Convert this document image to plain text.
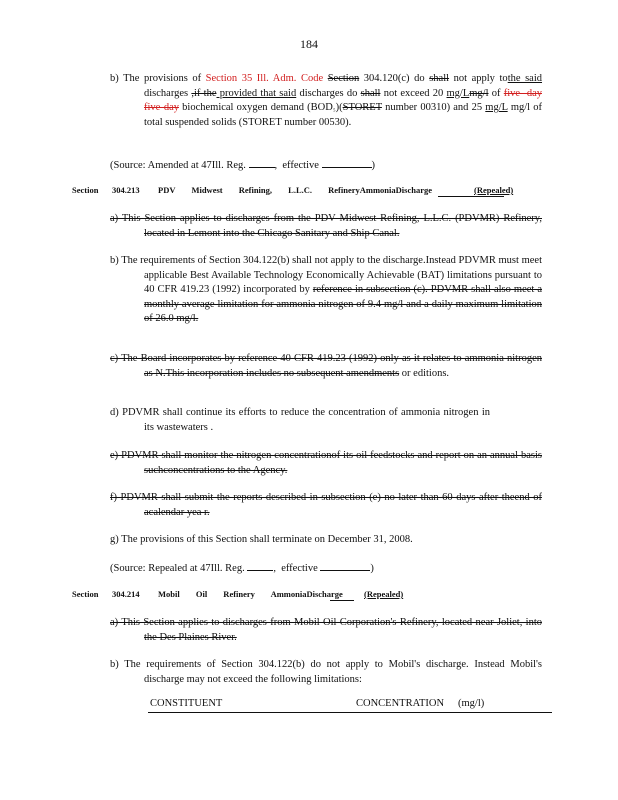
184
b) The provisions of Section 35 Ill. Adm. Code Section 304.120(c) do shall not apply tothe said discharges ,if the provided that said discharges do shall not exceed 20 mg/Lmg/l of five -day five-day biochemical oxygen demand (BOD₅)(STORET number 00310) and 25 mg/L mg/l of total suspended solids (STORET number 00530).
(Source: Amended at 47Ill. Reg.	, effective	)
Section 304.213 PDV Midwest Refining, L.L.C. RefineryAmmoniaDischarge	(Repealed)
a) This Section applies to discharges from the PDV Midwest Refining, L.L.C. (PDVMR) Refinery, located in Lemont into the Chicago Sanitary and Ship Canal.
b) The requirements of Section 304.122(b) shall not apply to the discharge.Instead PDVMR must meet applicable Best Available Technology Economically Achievable (BAT) limitations pursuant to 40 CFR 419.23 (1992) incorporated by reference in subsection (c). PDVMR shall also meet a monthly average limitation for ammonia nitrogen of 9.4 mg/l and a daily maximum limitation of 26.0 mg/l.
c) The Board incorporates by reference 40 CFR 419.23 (1992) only as it relates to ammonia nitrogen as N.This incorporation includes no subsequent amendments or editions.
d) PDVMR shall continue its efforts to reduce the concentration of ammonia nitrogen in its wastewaters .
e) PDVMR shall monitor the nitrogen concentrationof its oil feedstocks and report on an annual basis suchconcentrations to the Agency.
f) PDVMR shall submit the reports described in subsection (e) no later than 60 days after theend of acalendar yea r.
g) The provisions of this Section shall terminate on December 31, 2008.
(Source: Repealed at 47Ill. Reg.	, effective	)
Section 304.214 Mobil Oil Refinery AmmoniaDischarge (Repealed)
a) This Section applies to discharges from Mobil Oil Corporation's Refinery, located near Joliet, into the Des Plaines River.
b) The requirements of Section 304.122(b) do not apply to Mobil's discharge. Instead Mobil's discharge may not exceed the following limitations:
CONSTITUENT	CONCENTRATION (mg/l)
